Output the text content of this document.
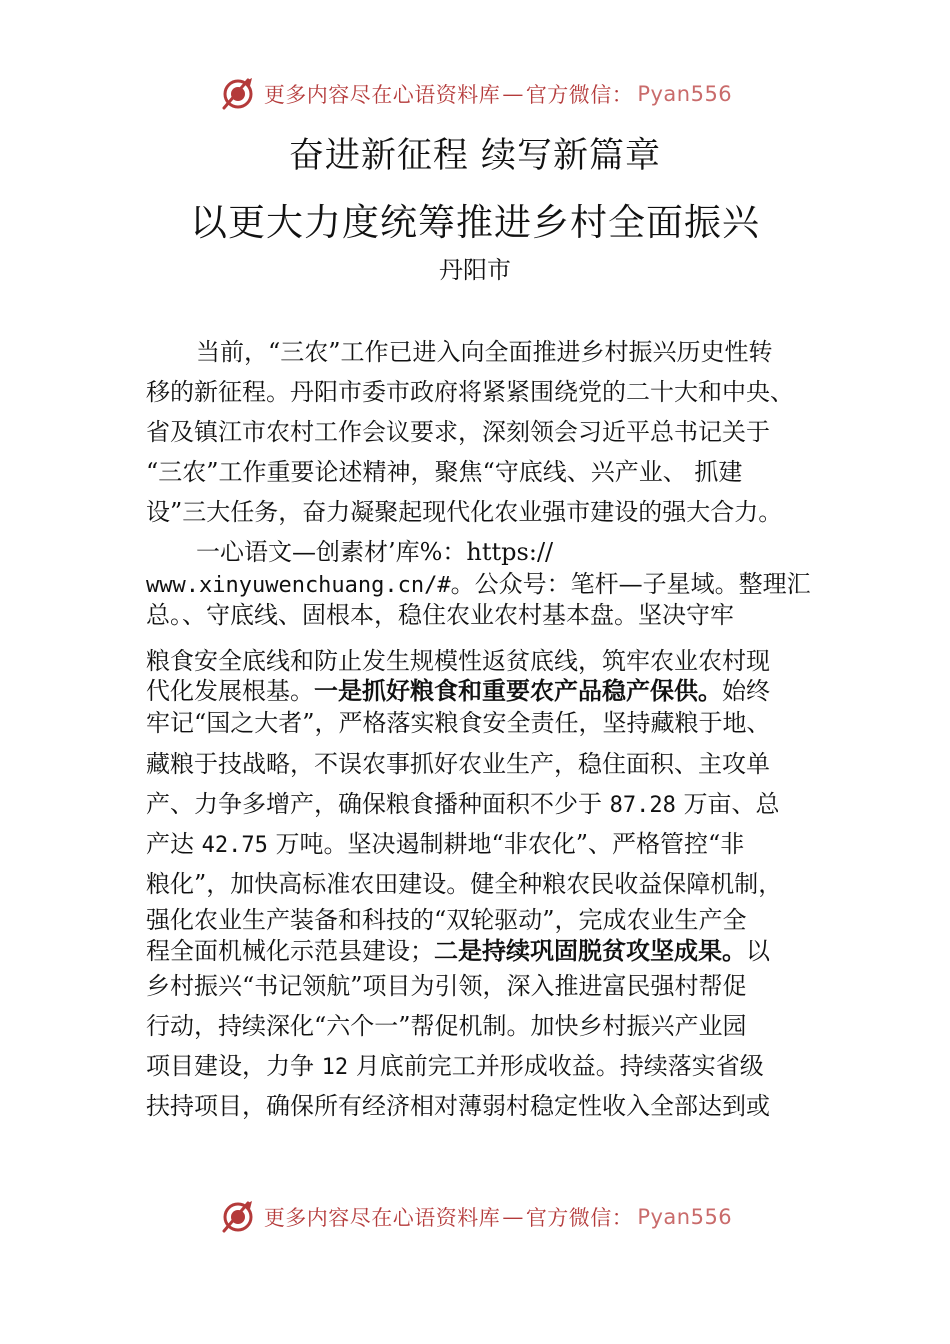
更多内容尽在心语资料库 — 官方微信： Pyan556
奋进新征程 续写新篇章
以更大力度统筹推进乡村全面振兴
丹阳市
当前，“三农”工作已进入向全面推进乡村振兴历史性转
移的新征程。丹阳市委市政府将紧紧围绕党的二十大和中央、
省及镇江市农村工作会议要求，深刻领会习近平总书记关于
“三农”工作重要论述精神，聚焦“守底线、兴产业、 抓建
设”三大任务，奋力凝聚起现代化农业强市建设的强大合力。
一心语文—创素材’库%：https://
www.xinyuwenchuang.cn/#。公众号：笔杆—子星域。整理汇
总。、守底线、固根本，稳住农业农村基本盘。坚决守牢
粮食安全底线和防止发生规模性返贫底线，筑牢农业农村现
代化发展根基。一是抓好粮食和重要农产品稳产保供。始终
牢记“国之大者”，严格落实粮食安全责任，坚持藏粮于地、
藏粮于技战略，不误农事抓好农业生产，稳住面积、主攻单
产、力争多增产，确保粮食播种面积不少于 87.28 万亩、总
产达 42.75 万吨。坚决遏制耕地“非农化”、严格管控“非
粮化”，加快高标准农田建设。健全种粮农民收益保障机制，
强化农业生产装备和科技的“双轮驱动”，完成农业生产全
程全面机械化示范县建设；二是持续巩固脱贫攻坚成果。以
乡村振兴“书记领航”项目为引领，深入推进富民强村帮促
行动，持续深化“六个一”帮促机制。加快乡村振兴产业园
项目建设，力争 12 月底前完工并形成收益。持续落实省级
扶持项目，确保所有经济相对薄弱村稳定性收入全部达到或
更多内容尽在心语资料库 — 官方微信： Pyan556
